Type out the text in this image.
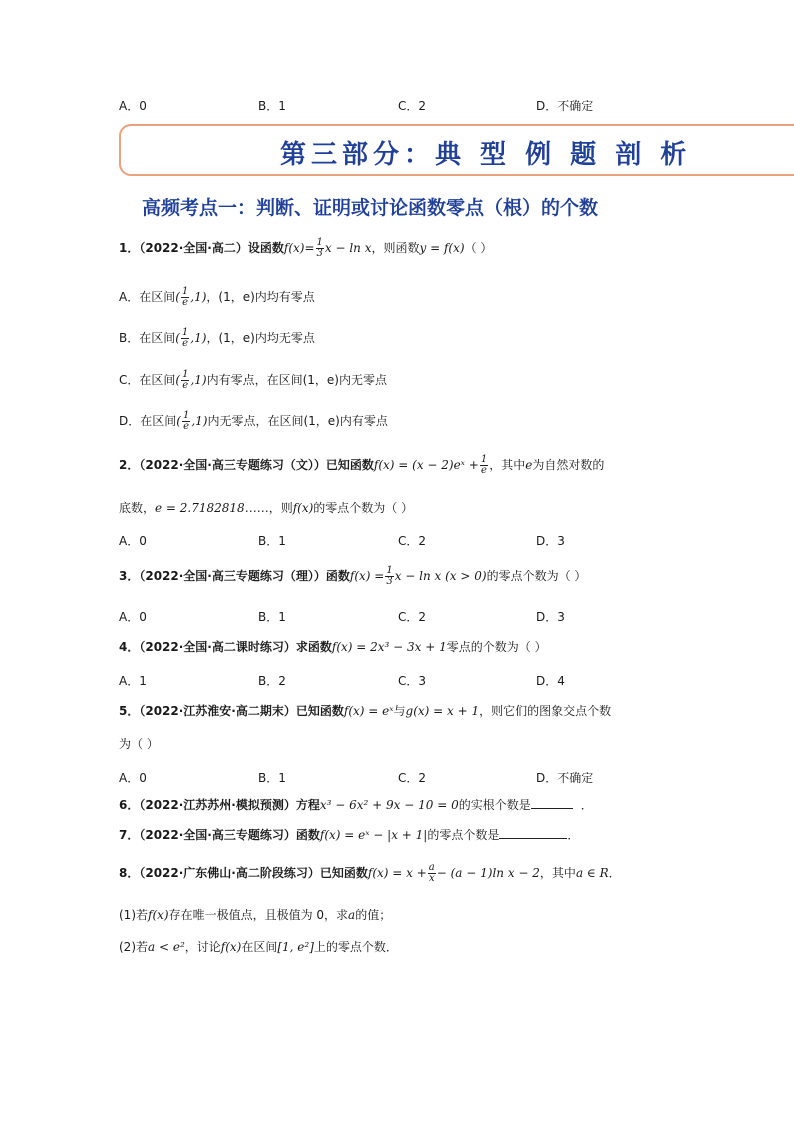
A．0	B．1	C．2	D．不确定
第三部分：典 型 例 题 剖 析
高频考点一：判断、证明或讨论函数零点（根）的个数
1．（2022·全国·高二）设函数$f(x)= \frac{1}{3}$ x − ln x，则函数y = f(x)（ ）
A．在区间( $\frac{1}{e} ,1$)，(1，e)内均有零点
B．在区间( $\frac{1}{e} ,1$)，(1，e)内均无零点
C．在区间( $\frac{1}{e} ,1$)内有零点，在区间(1，e)内无零点
D．在区间( $\frac{1}{e} ,1$)内无零点，在区间(1，e)内有零点
2．（2022·全国·高三专题练习（文））已知函数f(x) = (x − 2)eˣ + $\frac{1}{e}$ ，其中e为自然对数的
底数，e = 2.7182818……，则f(x)的零点个数为（ ）
A．0	B．1	C．2	D．3
3．（2022·全国·高三专题练习（理））函数$f(x) = \frac{1}{3}$ x − ln x (x > 0)的零点个数为（ ）
A．0	B．1	C．2	D．3
4．（2022·全国·高二课时练习）求函数f(x) = 2x³ − 3x + 1零点的个数为（ ）
A．1	B．2	C．3	D．4
5．（2022·江苏淮安·高二期末）已知函数f(x) = eˣ与g(x) = x + 1，则它们的图象交点个数
为（ ）
A．0	B．1	C．2	D．不确定
6．（2022·江苏苏州·模拟预测）方程x³ − 6x² + 9x − 10 = 0的实根个数是	．
7．（2022·全国·高三专题练习）函数f(x) = eˣ − |x + 1|的零点个数是	．
8．（2022·广东佛山·高二阶段练习）已知函数$f(x) = x + \frac{a}{x} - (a - 1)\ln$ x − 2，其中a ∈ R．
(1)若f(x)存在唯一极值点，且极值为 0，求a的值；
(2)若a < e²，讨论f(x)在区间[1, e²]上的零点个数．
